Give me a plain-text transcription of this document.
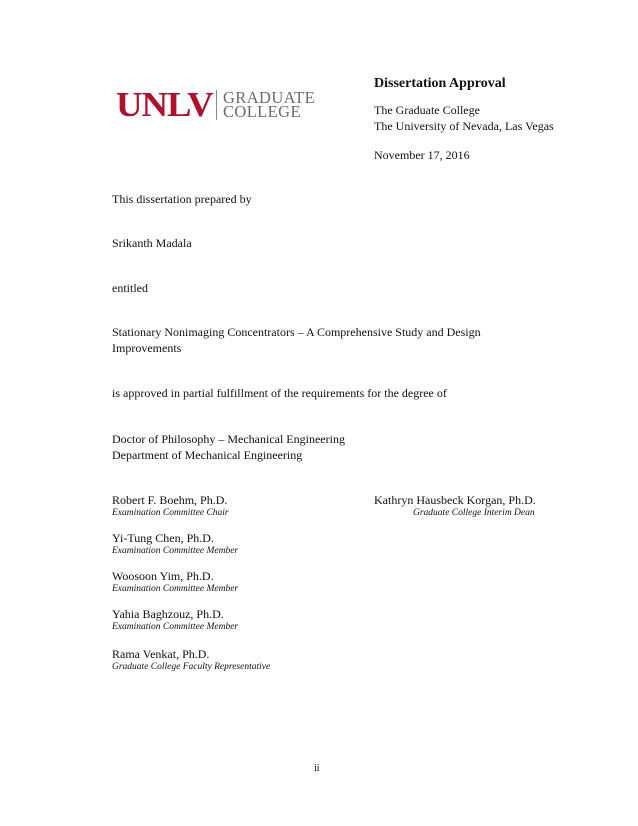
UNLV GRADUATE
COLLEGE
Dissertation Approval
The Graduate College
The University of Nevada, Las Vegas
November 17, 2016
This dissertation prepared by
Srikanth Madala
entitled
Stationary Nonimaging Concentrators – A Comprehensive Study and Design
Improvements
is approved in partial fulfillment of the requirements for the degree of
Doctor of Philosophy – Mechanical Engineering
Department of Mechanical Engineering
Robert F. Boehm, Ph.D.
Examination Committee Chair
Yi-Tung Chen, Ph.D.
Examination Committee Member
Woosoon Yim, Ph.D.
Examination Committee Member
Yahia Baghzouz, Ph.D.
Examination Committee Member
Rama Venkat, Ph.D.
Graduate College Faculty Representative
Kathryn Hausbeck Korgan, Ph.D.
Graduate College Interim Dean
ii
